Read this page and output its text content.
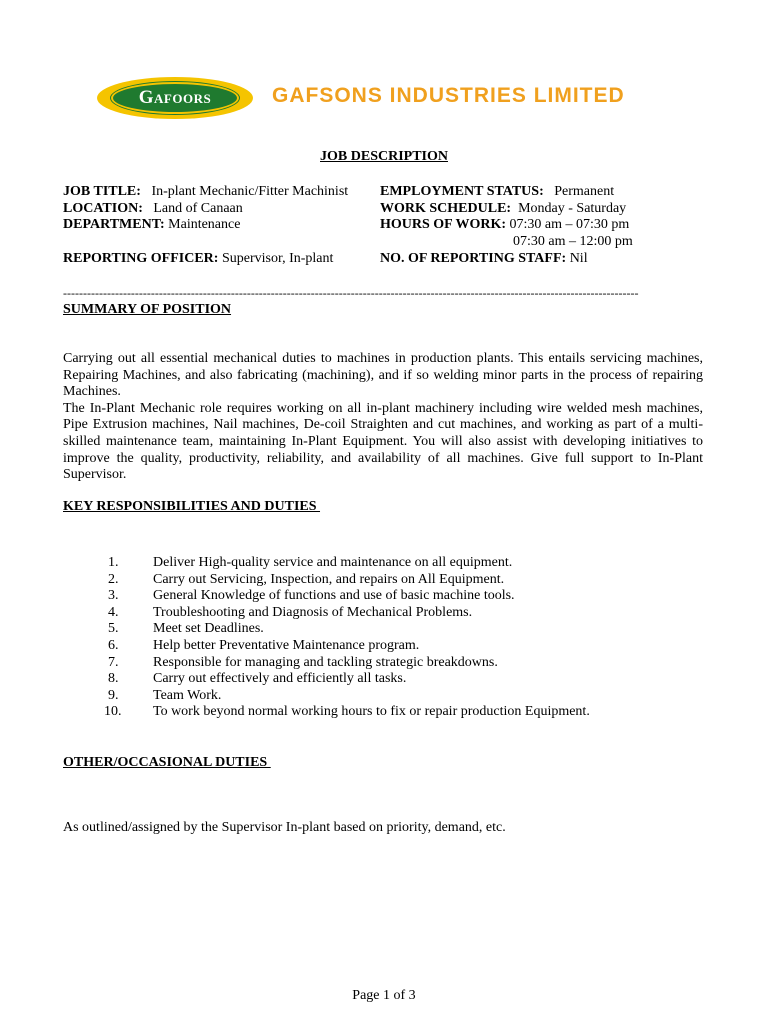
Gafoors	GAFSONS INDUSTRIES LIMITED
JOB DESCRIPTION
JOB TITLE: In-plant Mechanic/Fitter Machinist
LOCATION: Land of Canaan
DEPARTMENT: Maintenance
REPORTING OFFICER: Supervisor, In-plant
EMPLOYMENT STATUS: Permanent
WORK SCHEDULE: Monday - Saturday
HOURS OF WORK: 07:30 am – 07:30 pm
07:30 am – 12:00 pm
NO. OF REPORTING STAFF: Nil
------------------------------------------------------------------------------------------------------------------------------------------------
SUMMARY OF POSITION

Carrying out all essential mechanical duties to machines in production plants. This entails servicing machines, Repairing Machines, and also fabricating (machining), and if so welding minor parts in the process of repairing Machines.

The In-Plant Mechanic role requires working on all in-plant machinery including wire welded mesh machines, Pipe Extrusion machines, Nail machines, De-coil Straighten and cut machines, and working as part of a multi-skilled maintenance team, maintaining In-Plant Equipment. You will also assist with developing initiatives to improve the quality, productivity, reliability, and availability of all machines. Give full support to In-Plant Supervisor.

KEY RESPONSIBILITIES AND DUTIES
1. Deliver High-quality service and maintenance on all equipment.
2. Carry out Servicing, Inspection, and repairs on All Equipment.
3. General Knowledge of functions and use of basic machine tools.
4. Troubleshooting and Diagnosis of Mechanical Problems.
5. Meet set Deadlines.
6. Help better Preventative Maintenance program.
7. Responsible for managing and tackling strategic breakdowns.
8. Carry out effectively and efficiently all tasks.
9. Team Work.
10. To work beyond normal working hours to fix or repair production Equipment.
OTHER/OCCASIONAL DUTIES
As outlined/assigned by the Supervisor In-plant based on priority, demand, etc.
Page 1 of 3
